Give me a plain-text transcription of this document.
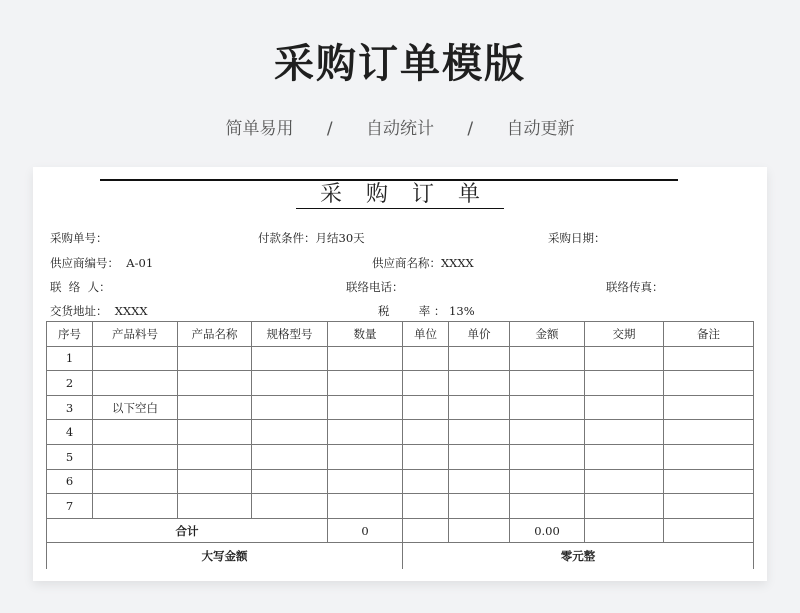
采购订单模版
简单易用 / 自动统计 / 自动更新
采购订单
采购单号：	付款条件：月结30天	采购日期：
供应商编号：  A-01	供应商名称：XXXX
联  络  人：	联络电话：	联络传真：
交货地址：  XXXX	税        率 ： 13%
序号	产品料号	产品名称	规格型号	数量	单位	单价	金额	交期	备注
1									
2									
3	以下空白								
4									
5									
6									
7									
合计				0			0.00		
大写金额					零元整				
